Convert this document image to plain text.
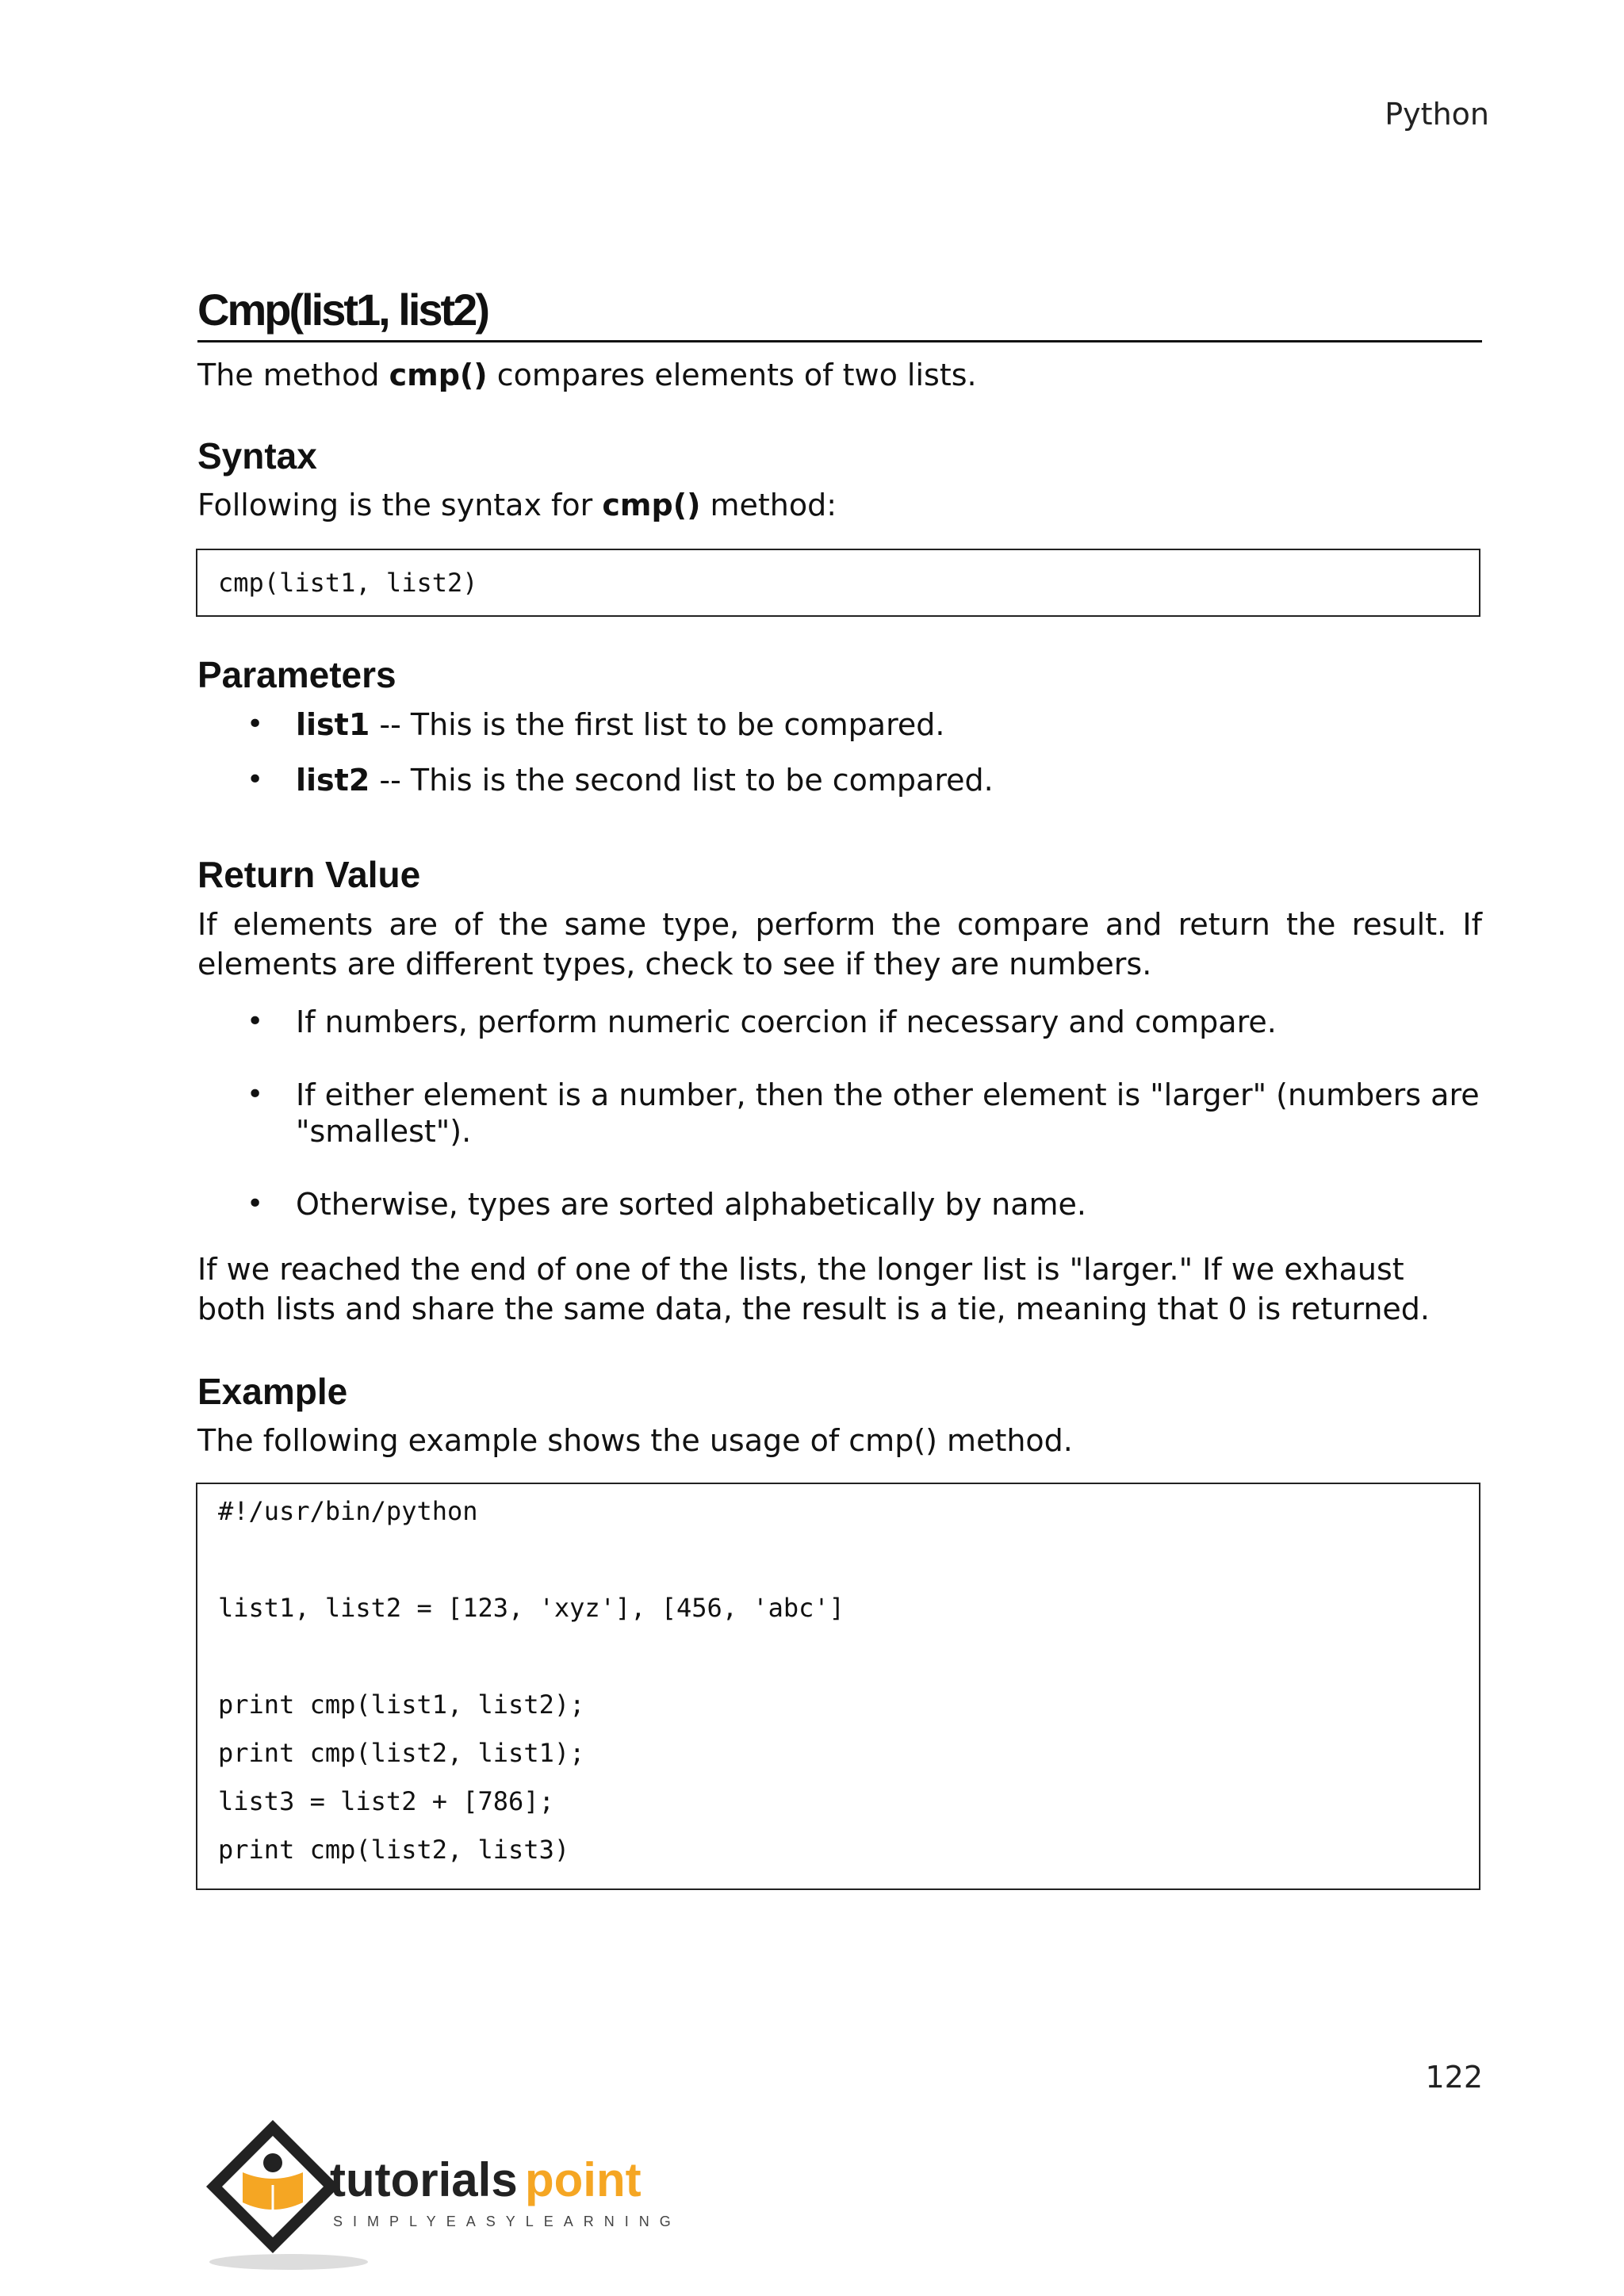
Python
Cmp(list1, list2)
The method cmp() compares elements of two lists.
Syntax
Following is the syntax for cmp() method:
cmp(list1, list2)
Parameters
• list1 -- This is the first list to be compared.
• list2 -- This is the second list to be compared.
Return Value
If elements are of the same type, perform the compare and return the result. If elements are different types, check to see if they are numbers.
• If numbers, perform numeric coercion if necessary and compare.
• If either element is a number, then the other element is "larger" (numbers are "smallest").
• Otherwise, types are sorted alphabetically by name.
If we reached the end of one of the lists, the longer list is "larger." If we exhaust both lists and share the same data, the result is a tie, meaning that 0 is returned.
Example
The following example shows the usage of cmp() method.
#!/usr/bin/python
list1, list2 = [123, 'xyz'], [456, 'abc']
print cmp(list1, list2);
print cmp(list2, list1);
list3 = list2 + [786];
print cmp(list2, list3)
122
tutorials point
SIMPLYEASYLEARNING
